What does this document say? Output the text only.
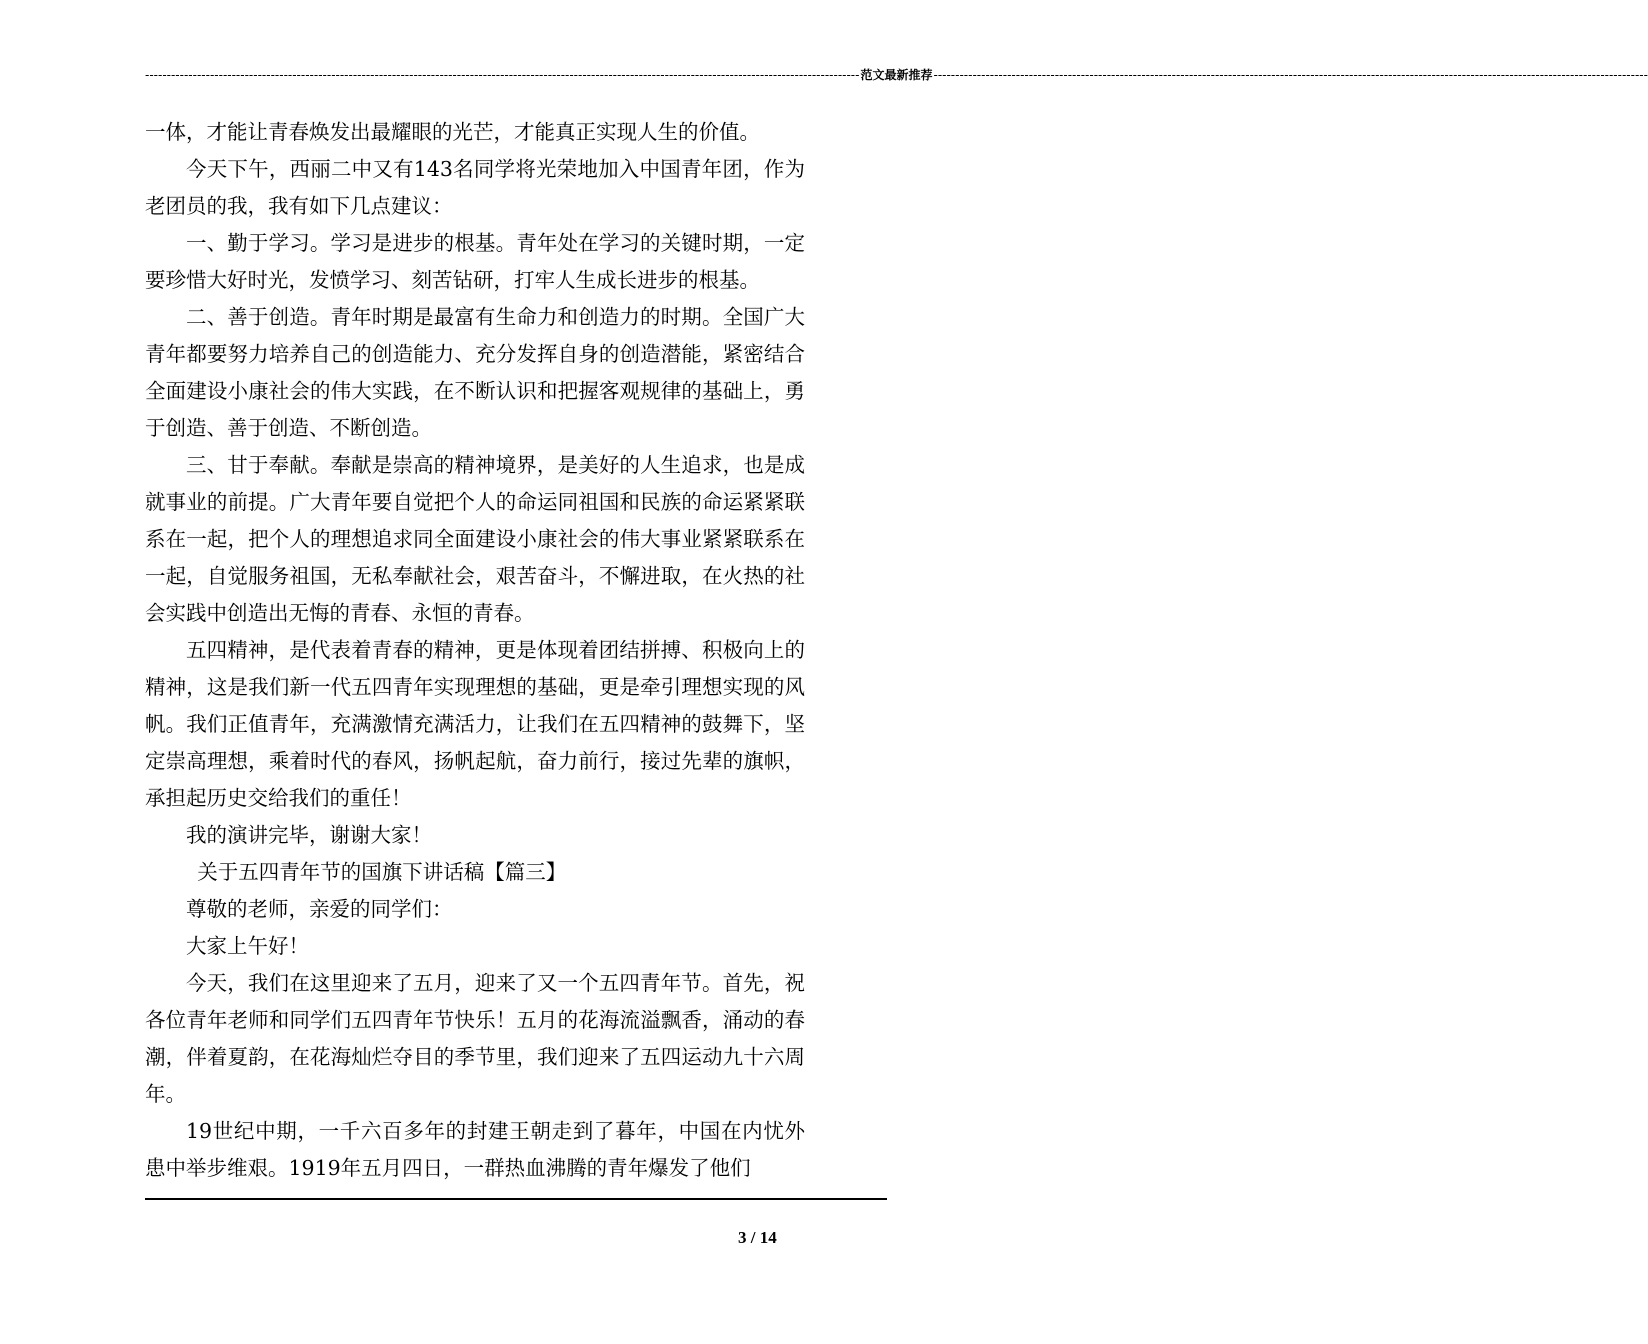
--------------------------------------------------------------------------------------------------------------------------------------------------------------------- 范文最新推荐 ---------------------------------------------------------------------------------------------------------------------------------------------------------------------

一体，才能让青春焕发出最耀眼的光芒，才能真正实现人生的价值。

今天下午，西丽二中又有143名同学将光荣地加入中国青年团，作为老团员的我，我有如下几点建议：

一、勤于学习。学习是进步的根基。青年处在学习的关键时期，一定要珍惜大好时光，发愤学习、刻苦钻研，打牢人生成长进步的根基。

二、善于创造。青年时期是最富有生命力和创造力的时期。全国广大青年都要努力培养自己的创造能力、充分发挥自身的创造潜能，紧密结合全面建设小康社会的伟大实践，在不断认识和把握客观规律的基础上，勇于创造、善于创造、不断创造。

三、甘于奉献。奉献是崇高的精神境界，是美好的人生追求，也是成就事业的前提。广大青年要自觉把个人的命运同祖国和民族的命运紧紧联系在一起，把个人的理想追求同全面建设小康社会的伟大事业紧紧联系在一起，自觉服务祖国，无私奉献社会，艰苦奋斗，不懈进取，在火热的社会实践中创造出无悔的青春、永恒的青春。

五四精神，是代表着青春的精神，更是体现着团结拼搏、积极向上的精神，这是我们新一代五四青年实现理想的基础，更是牵引理想实现的风帆。我们正值青年，充满激情充满活力，让我们在五四精神的鼓舞下，坚定崇高理想，乘着时代的春风，扬帆起航，奋力前行，接过先辈的旗帜，承担起历史交给我们的重任！

我的演讲完毕，谢谢大家！

关于五四青年节的国旗下讲话稿【篇三】

尊敬的老师，亲爱的同学们：

大家上午好！

今天，我们在这里迎来了五月，迎来了又一个五四青年节。首先，祝各位青年老师和同学们五四青年节快乐！五月的花海流溢飘香，涌动的春潮，伴着夏韵，在花海灿烂夺目的季节里，我们迎来了五四运动九十六周年。

19世纪中期，一千六百多年的封建王朝走到了暮年，中国在内忧外患中举步维艰。1919年五月四日，一群热血沸腾的青年爆发了他们

3 / 14
